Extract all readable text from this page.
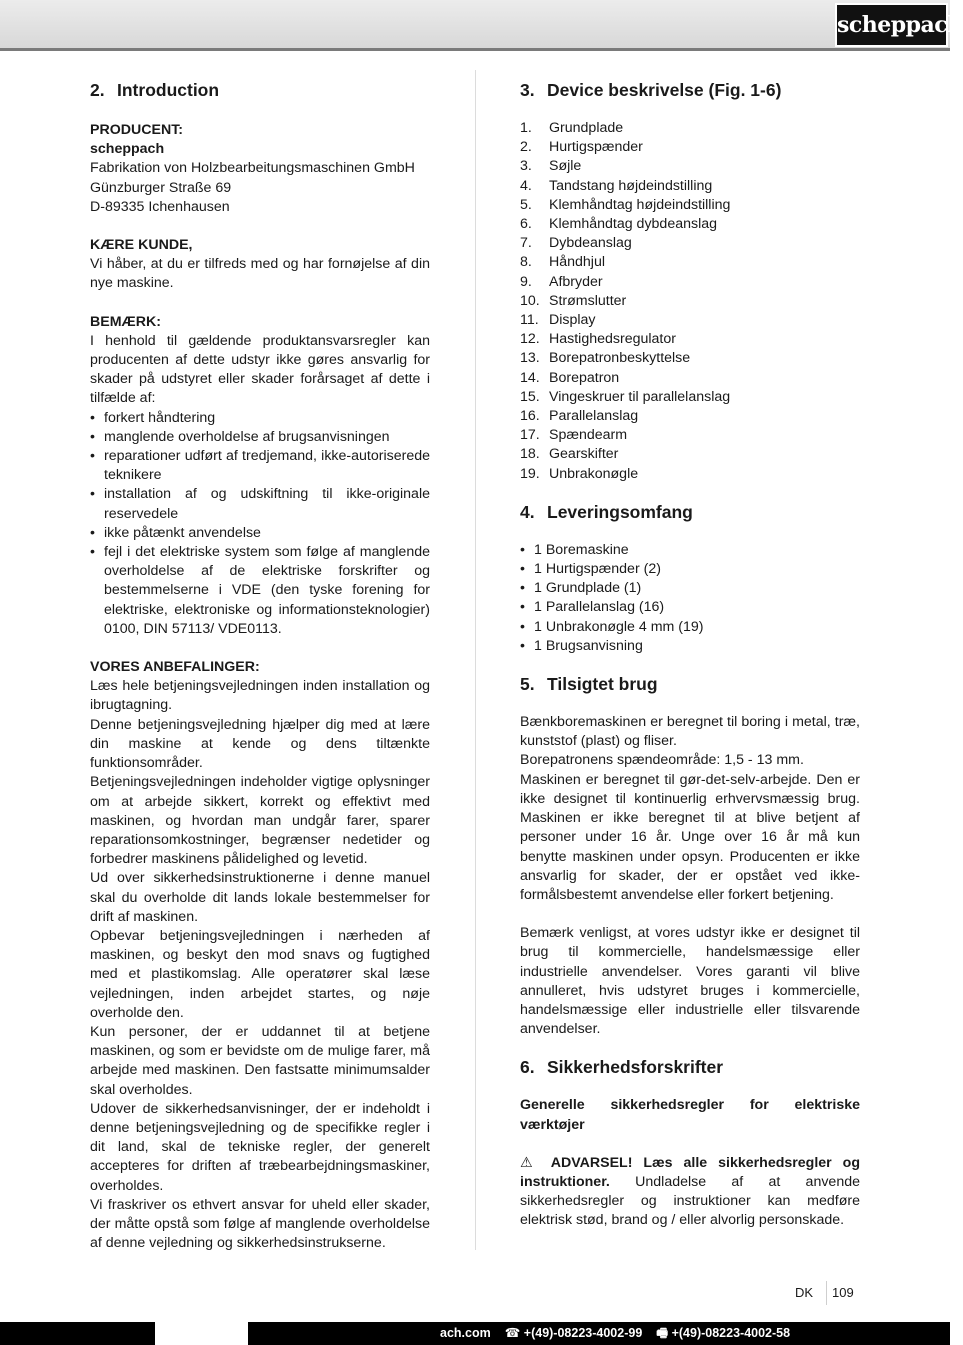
scheppach
2. Introduction

PRODUCENT:

scheppach

Fabrikation von Holzbearbeitungsmaschinen GmbH

Günzburger Straße 69

D-89335 Ichenhausen

KÆRE KUNDE,

Vi håber, at du er tilfreds med og har fornøjelse af din nye maskine.

BEMÆRK:

I henhold til gældende produktansvarsregler kan producenten af dette udstyr ikke gøres ansvarlig for skader på udstyret eller skader forårsaget af dette i tilfælde af:

• forkert håndtering
• manglende overholdelse af brugsanvisningen
• reparationer udført af tredjemand, ikke-autoriserede teknikere
• installation af og udskiftning til ikke-originale reservedele
• ikke påtænkt anvendelse
• fejl i det elektriske system som følge af manglende overholdelse af de elektriske forskrifter og bestemmelserne i VDE (den tyske forening for elektriske, elektroniske og informationsteknologier) 0100, DIN 57113/ VDE0113.

VORES ANBEFALINGER:

Læs hele betjeningsvejledningen inden installation og ibrugtagning.

Denne betjeningsvejledning hjælper dig med at lære din maskine at kende og dens tiltænkte funktionsområder.

Betjeningsvejledningen indeholder vigtige oplysninger om at arbejde sikkert, korrekt og effektivt med maskinen, og hvordan man undgår farer, sparer reparationsomkostninger, begrænser nedetider og forbedrer maskinens pålidelighed og levetid.

Ud over sikkerhedsinstruktionerne i denne manuel skal du overholde dit lands lokale bestemmelser for drift af maskinen.

Opbevar betjeningsvejledningen i nærheden af maskinen, og beskyt den mod snavs og fugtighed med et plastikomslag. Alle operatører skal læse vejledningen, inden arbejdet startes, og nøje overholde den.

Kun personer, der er uddannet til at betjene maskinen, og som er bevidste om de mulige farer, må arbejde med maskinen. Den fastsatte minimumsalder skal overholdes.

Udover de sikkerhedsanvisninger, der er indeholdt i denne betjeningsvejledning og de specifikke regler i dit land, skal de tekniske regler, der generelt accepteres for driften af træbearbejdningsmaskiner, overholdes.

Vi fraskriver os ethvert ansvar for uheld eller skader, der måtte opstå som følge af manglende overholdelse af denne vejledning og sikkerhedsinstrukserne.

3. Device beskrivelse (Fig. 1-6)
1.	Grundplade
2.	Hurtigspænder
3.	Søjle
4.	Tandstang højdeindstilling
5.	Klemhåndtag højdeindstilling
6.	Klemhåndtag dybdeanslag
7.	Dybdeanslag
8.	Håndhjul
9.	Afbryder
10. Strømslutter
11. Display
12. Hastighedsregulator
13. Borepatronbeskyttelse
14. Borepatron
15. Vingeskruer til parallelanslag
16. Parallelanslag
17. Spændearm
18. Gearskifter
19. Unbrakonøgle
4. Leveringsomfang
• 1 Boremaskine
• 1 Hurtigspænder (2)
• 1 Grundplade (1)
• 1 Parallelanslag (16)
• 1 Unbrakonøgle 4 mm (19)
• 1 Brugsanvisning
5. Tilsigtet brug

Bænkboremaskinen er beregnet til boring i metal, træ, kunststof (plast) og fliser.

Borepatronens spændeområde: 1,5 - 13 mm.

Maskinen er beregnet til gør-det-selv-arbejde. Den er ikke designet til kontinuerlig erhvervsmæssig brug. Maskinen er ikke beregnet til at blive betjent af personer under 16 år. Unge over 16 år må kun benytte maskinen under opsyn. Producenten er ikke ansvarlig for skader, der er opstået ved ikke-formålsbestemt anvendelse eller forkert betjening.

Bemærk venligst, at vores udstyr ikke er designet til brug til kommercielle, handelsmæssige eller industrielle anvendelser. Vores garanti vil blive annulleret, hvis udstyret bruges i kommercielle, handelsmæssige eller industrielle eller tilsvarende anvendelser.

6. Sikkerhedsforskrifter

Generelle sikkerhedsregler for elektriske værktøjer

⚠ ADVARSEL! Læs alle sikkerhedsregler og instruktioner. Undladelse af at anvende sikkerhedsregler og instruktioner kan medføre elektrisk stød, brand og / eller alvorlig personskade.

DK 109
ach.com ☎ +(49)-08223-4002-99 🖷 +(49)-08223-4002-58
